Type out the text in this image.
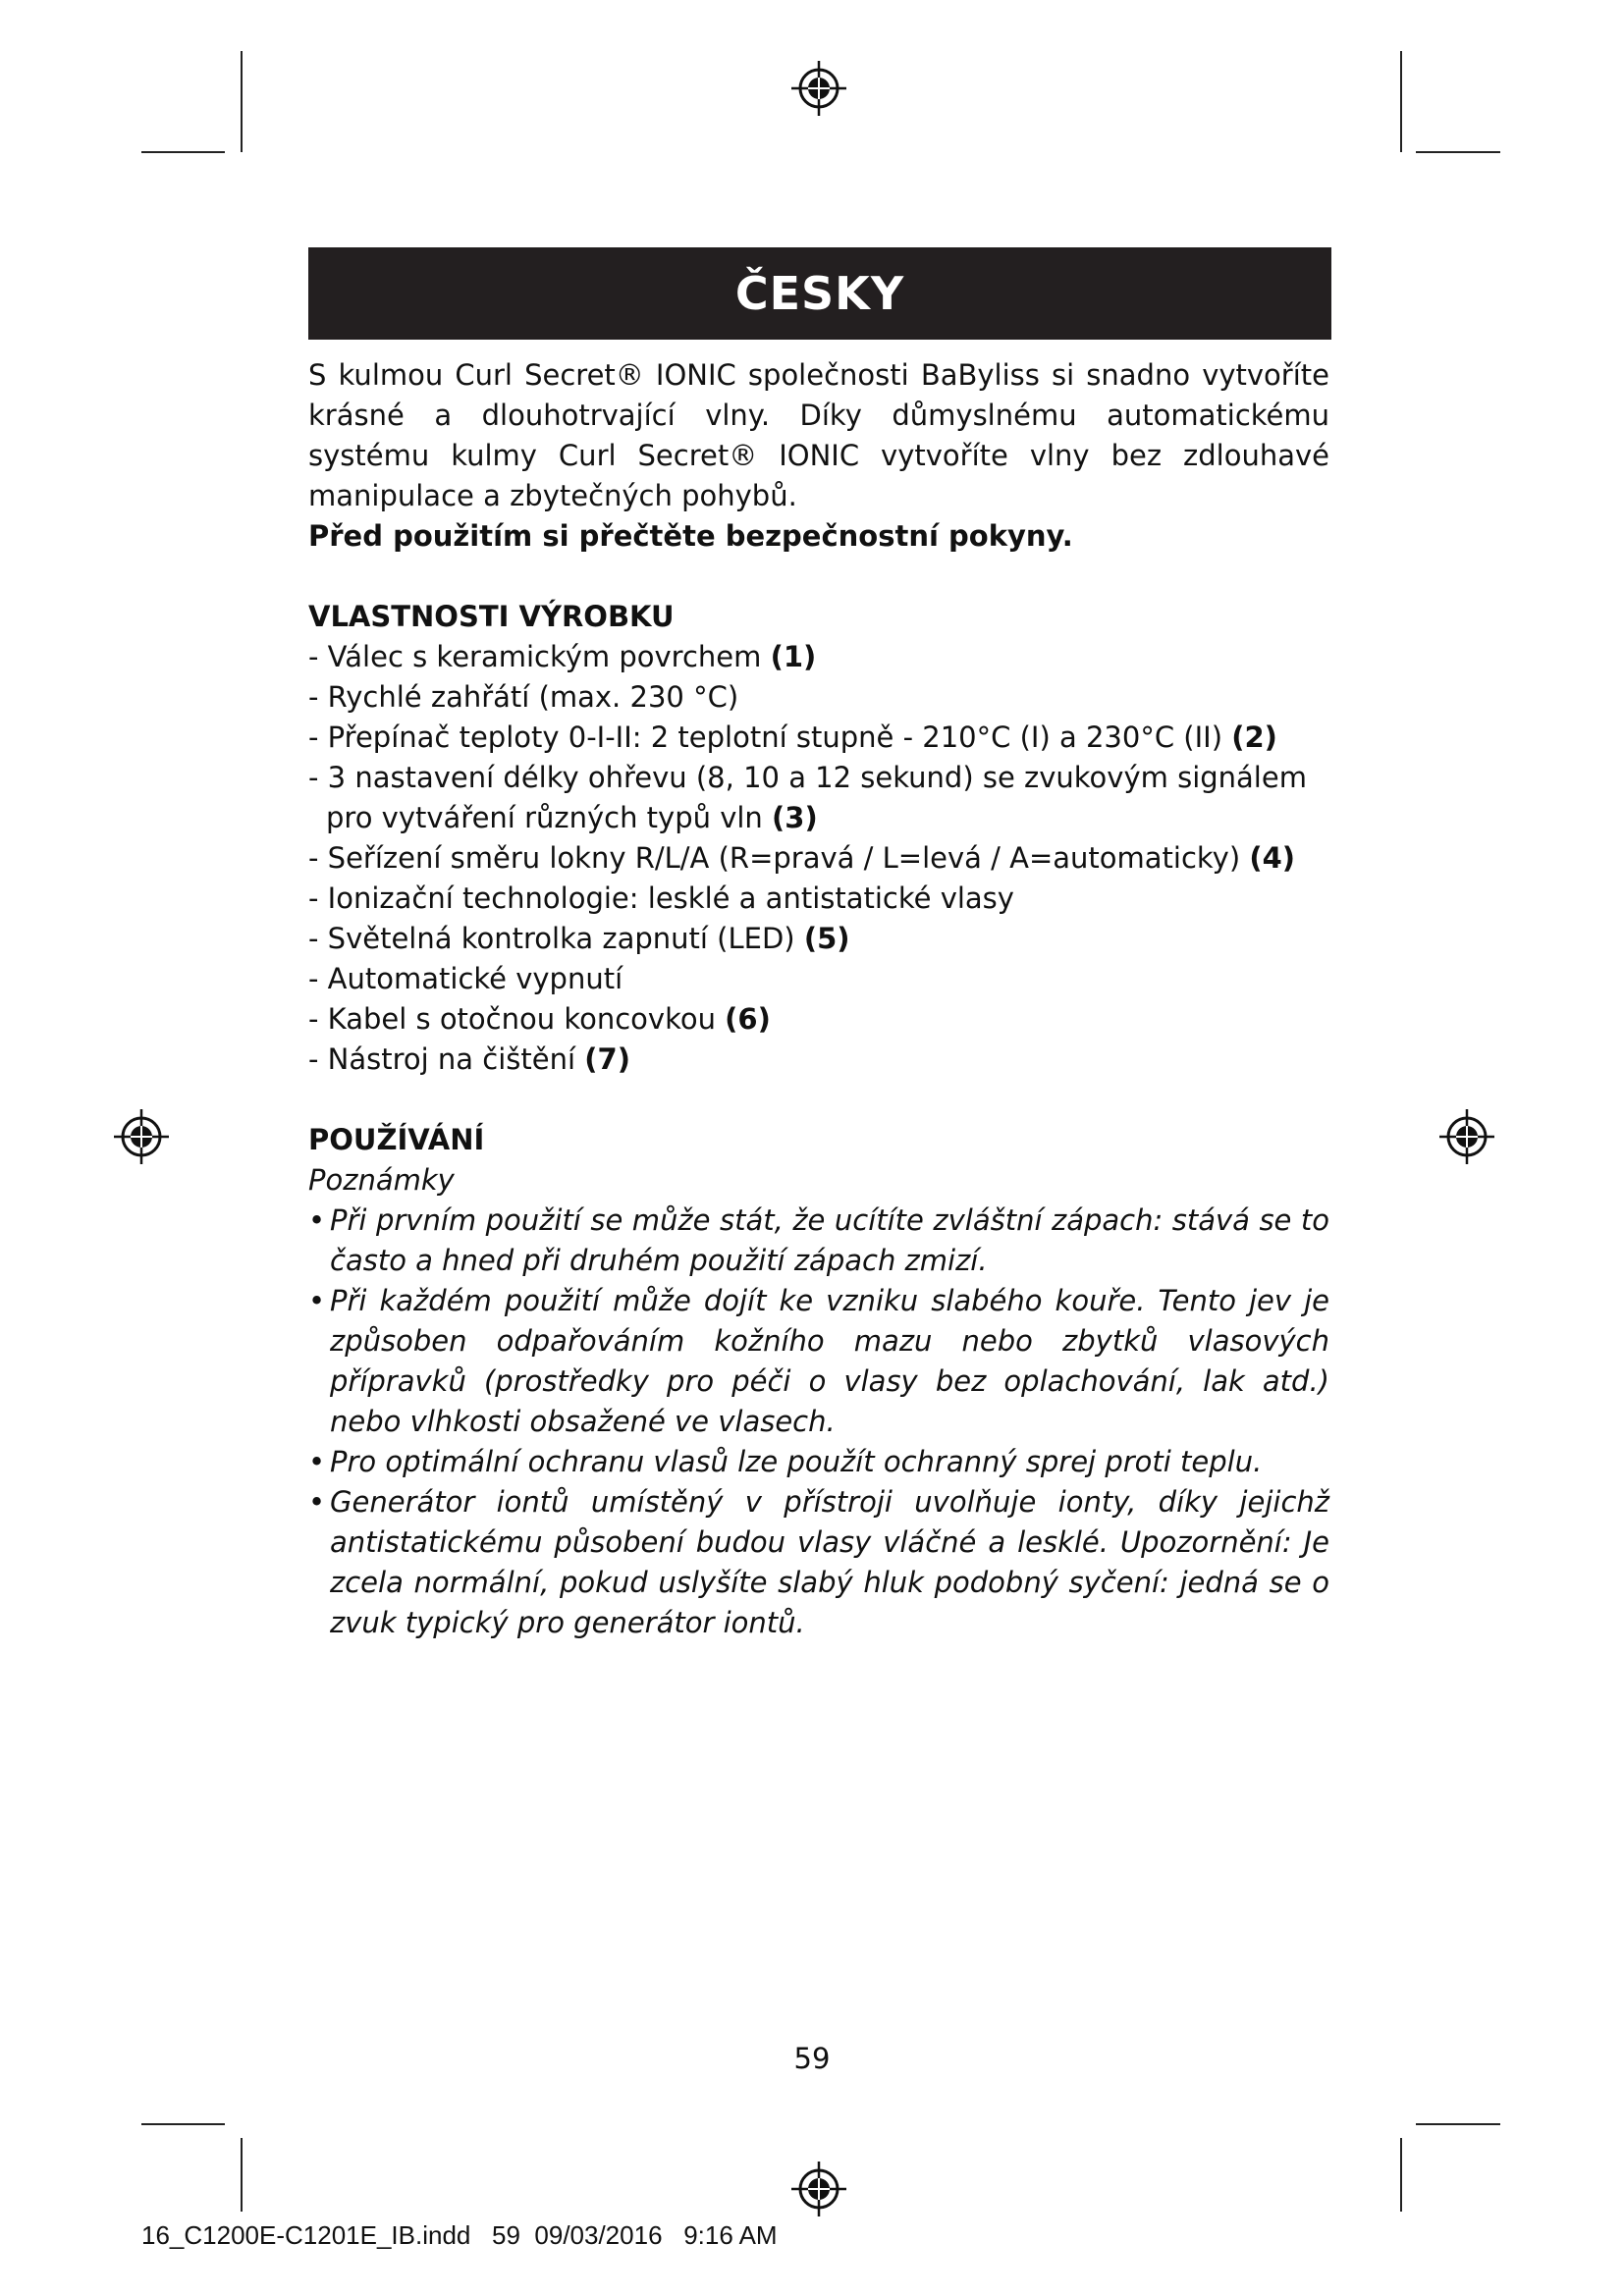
ČESKY

S kulmou Curl Secret® IONIC společnosti BaByliss si snadno vytvoříte krásné a dlouhotrvající vlny. Díky důmyslnému automatickému systému kulmy Curl Secret® IONIC vytvoříte vlny bez zdlouhavé manipulace a zbytečných pohybů.

Před použitím si přečtěte bezpečnostní pokyny.

VLASTNOSTI VÝROBKU

- Válec s keramickým povrchem (1)
- Rychlé zahřátí (max. 230 °C)
- Přepínač teploty 0-I-II: 2 teplotní stupně - 210°C (I) a 230°C (II) (2)
- 3 nastavení délky ohřevu (8, 10 a 12 sekund) se zvukovým signálem pro vytváření různých typů vln (3)
- Seřízení směru lokny R/L/A (R=pravá / L=levá / A=automaticky) (4)
- Ionizační technologie: lesklé a antistatické vlasy
- Světelná kontrolka zapnutí (LED) (5)
- Automatické vypnutí
- Kabel s otočnou koncovkou (6)
- Nástroj na čištění (7)

POUŽÍVÁNÍ

Poznámky

• Při prvním použití se může stát, že ucítíte zvláštní zápach: stává se to často a hned při druhém použití zápach zmizí.
• Při každém použití může dojít ke vzniku slabého kouře. Tento jev je způsoben odpařováním kožního mazu nebo zbytků vlasových přípravků (prostředky pro péči o vlasy bez oplachování, lak atd.) nebo vlhkosti obsažené ve vlasech.
• Pro optimální ochranu vlasů lze použít ochranný sprej proti teplu.
• Generátor iontů umístěný v přístroji uvolňuje ionty, díky jejichž antistatickému působení budou vlasy vláčné a lesklé. Upozornění: Je zcela normální, pokud uslyšíte slabý hluk podobný syčení: jedná se o zvuk typický pro generátor iontů.
59
16_C1200E-C1201E_IB.indd   59  09/03/2016   9:16 AM
